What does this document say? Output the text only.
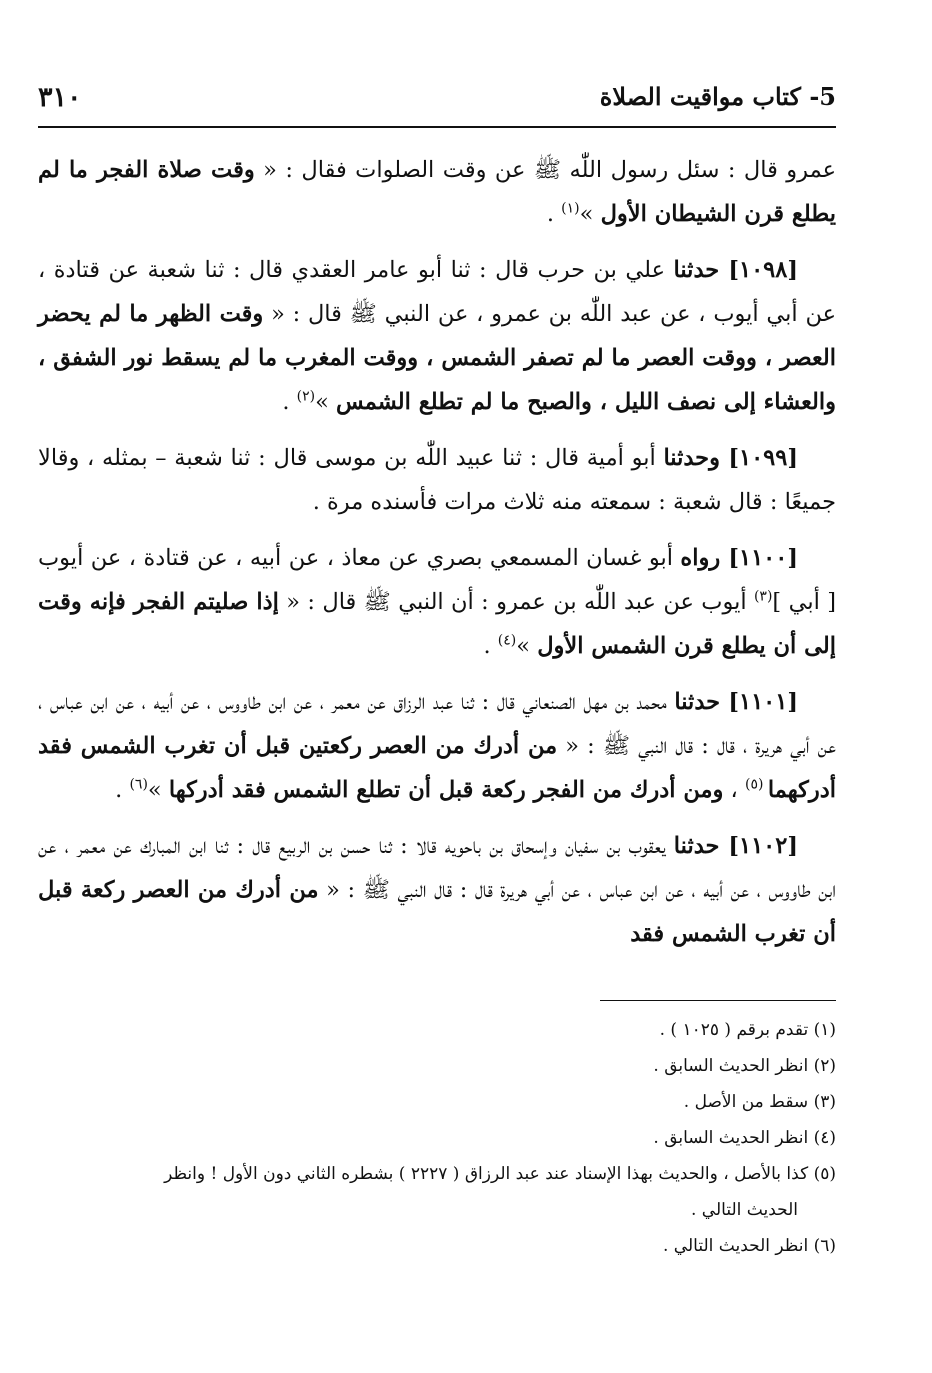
٣١٠	5- كتاب مواقيت الصلاة

عمرو قال : سئل رسول اللّٰه ﷺ عن وقت الصلوات فقال : « وقت صلاة الفجر ما لم يطلع قرن الشيطان الأول »$^{(١)}$ .

[١٠٩٨] حدثنا علي بن حرب قال : ثنا أبو عامر العقدي قال : ثنا شعبة عن قتادة ، عن أبي أيوب ، عن عبد اللّٰه بن عمرو ، عن النبي ﷺ قال : « وقت الظهر ما لم يحضر العصر ، ووقت العصر ما لم تصفر الشمس ، ووقت المغرب ما لم يسقط نور الشفق ، والعشاء إلى نصف الليل ، والصبح ما لم تطلع الشمس »$^{(٢)}$ .

[١٠٩٩] وحدثنا أبو أمية قال : ثنا عبيد اللّٰه بن موسى قال : ثنا شعبة – بمثله ، وقالا جميعًا : قال شعبة : سمعته منه ثلاث مرات فأسنده مرة .

[١١٠٠] رواه أبو غسان المسمعي بصري عن معاذ ، عن أبيه ، عن قتادة ، عن أيوب [ أبي ]$^{(٣)}$ أيوب عن عبد اللّٰه بن عمرو : أن النبي ﷺ قال : « إذا صليتم الفجر فإنه وقت إلى أن يطلع قرن الشمس الأول »$^{(٤)}$ .

[١١٠١] حدثنا محمد بن مهل الصنعاني قال : ثنا عبد الرزاق عن معمر ، عن ابن طاووس ، عن أبيه ، عن ابن عباس ، عن أبي هريرة ، قال : قال النبي ﷺ : « من أدرك من العصر ركعتين قبل أن تغرب الشمس فقد أدركهما $^{(٥)}$ ، ومن أدرك من الفجر ركعة قبل أن تطلع الشمس فقد أدركها »$^{(٦)}$ .

[١١٠٢] حدثنا يعقوب بن سفيان وإسحاق بن باحويه قالا : ثنا حسن بن الربيع قال : ثنا ابن المبارك عن معمر ، عن ابن طاووس ، عن أبيه ، عن ابن عباس ، عن أبي هريرة قال : قال النبي ﷺ : « من أدرك من العصر ركعة قبل أن تغرب الشمس فقد

(١) تقدم برقم ( ١٠٢٥ ) .
(٢) انظر الحديث السابق .
(٣) سقط من الأصل .
(٤) انظر الحديث السابق .
(٥) كذا بالأصل ، والحديث بهذا الإسناد عند عبد الرزاق ( ٢٢٢٧ ) بشطره الثاني دون الأول ! وانظر
الحديث التالي .
(٦) انظر الحديث التالي .
